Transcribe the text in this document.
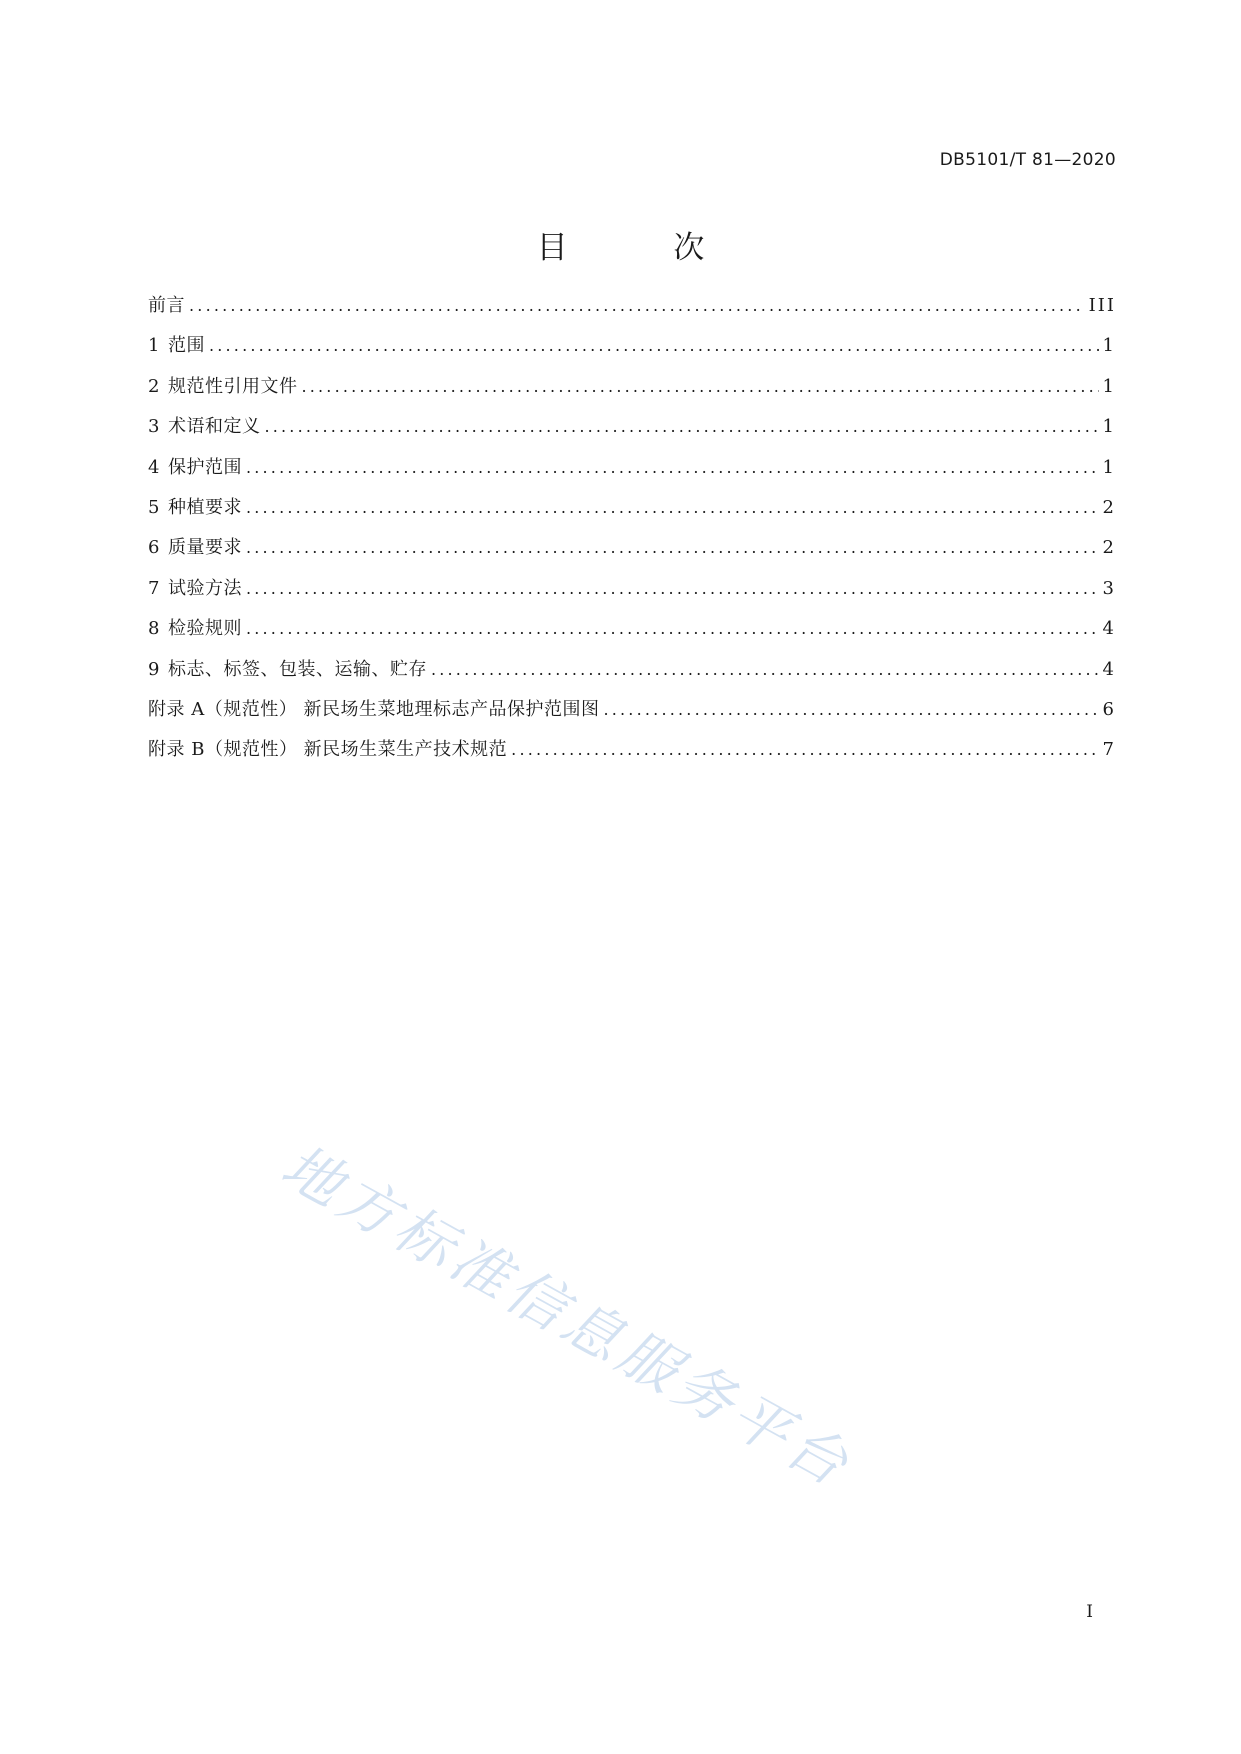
DB5101/T 81—2020
目 次
前言 .....	III
1 范围 .....	1
2 规范性引用文件 .....	1
3 术语和定义 .....	1
4 保护范围 .....	1
5 种植要求 .....	2
6 质量要求 .....	2
7 试验方法 .....	3
8 检验规则 .....	4
9 标志、标签、包装、运输、贮存 .....	4
附录 A（规范性） 新民场生菜地理标志产品保护范围图 .....	6
附录 B（规范性） 新民场生菜生产技术规范 .....	7
地方标准信息服务平台
I
